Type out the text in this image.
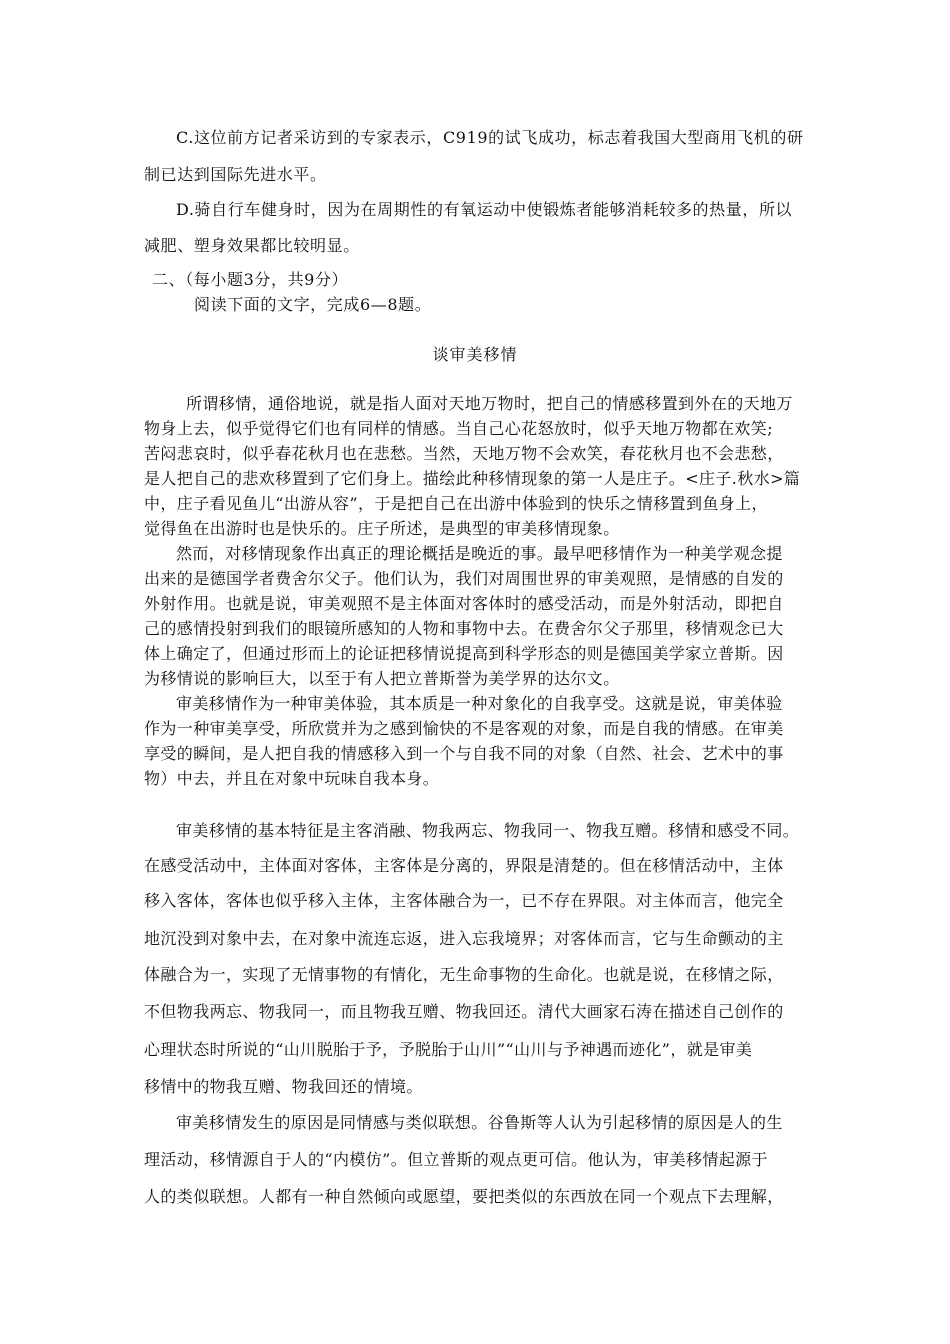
C.这位前方记者采访到的专家表示，C919的试飞成功，标志着我国大型商用飞机的研
制已达到国际先进水平。
D.骑自行车健身时，因为在周期性的有氧运动中使锻炼者能够消耗较多的热量，所以
减肥、塑身效果都比较明显。
二、（每小题3分，共9分）
阅读下面的文字，完成6—8题。
谈审美移情
所谓移情，通俗地说，就是指人面对天地万物时，把自己的情感移置到外在的天地万
物身上去，似乎觉得它们也有同样的情感。当自己心花怒放时，似乎天地万物都在欢笑;
苦闷悲哀时，似乎春花秋月也在悲愁。当然，天地万物不会欢笑，春花秋月也不会悲愁，
是人把自己的悲欢移置到了它们身上。描绘此种移情现象的第一人是庄子。<庄子.秋水>篇
中，庄子看见鱼儿“出游从容”，于是把自己在出游中体验到的快乐之情移置到鱼身上，
觉得鱼在出游时也是快乐的。庄子所述，是典型的审美移情现象。
然而，对移情现象作出真正的理论概括是晚近的事。最早吧移情作为一种美学观念提
出来的是德国学者费舍尔父子。他们认为，我们对周围世界的审美观照，是情感的自发的
外射作用。也就是说，审美观照不是主体面对客体时的感受活动，而是外射活动，即把自
己的感情投射到我们的眼镜所感知的人物和事物中去。在费舍尔父子那里，移情观念已大
体上确定了，但通过形而上的论证把移情说提高到科学形态的则是德国美学家立普斯。因
为移情说的影响巨大，以至于有人把立普斯誉为美学界的达尔文。
审美移情作为一种审美体验，其本质是一种对象化的自我享受。这就是说，审美体验
作为一种审美享受，所欣赏并为之感到愉快的不是客观的对象，而是自我的情感。在审美
享受的瞬间，是人把自我的情感移入到一个与自我不同的对象（自然、社会、艺术中的事
物）中去，并且在对象中玩味自我本身。
审美移情的基本特征是主客消融、物我两忘、物我同一、物我互赠。移情和感受不同。
在感受活动中，主体面对客体，主客体是分离的，界限是清楚的。但在移情活动中，主体
移入客体，客体也似乎移入主体，主客体融合为一，已不存在界限。对主体而言，他完全
地沉没到对象中去，在对象中流连忘返，进入忘我境界；对客体而言，它与生命颤动的主
体融合为一，实现了无情事物的有情化，无生命事物的生命化。也就是说，在移情之际，
不但物我两忘、物我同一，而且物我互赠、物我回还。清代大画家石涛在描述自己创作的
心理状态时所说的“山川脱胎于予，予脱胎于山川”“山川与予神遇而迹化”，就是审美
移情中的物我互赠、物我回还的情境。
审美移情发生的原因是同情感与类似联想。谷鲁斯等人认为引起移情的原因是人的生
理活动，移情源自于人的“内模仿”。但立普斯的观点更可信。他认为，审美移情起源于
人的类似联想。人都有一种自然倾向或愿望，要把类似的东西放在同一个观点下去理解，
